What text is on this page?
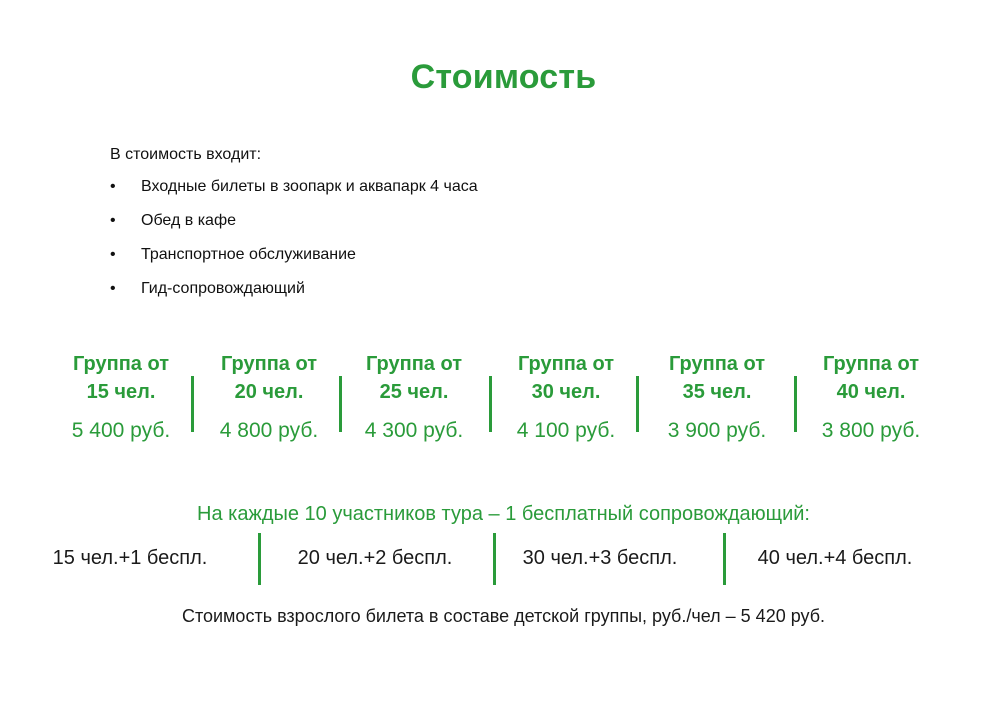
Стоимость
В стоимость входит:
• Входные билеты в зоопарк и аквапарк 4 часа
• Обед в кафе
• Транспортное обслуживание
• Гид-сопровождающий
Группа от
15 чел.
5 400 руб.
Группа от
20 чел.
4 800 руб.
Группа от
25 чел.
4 300 руб.
Группа от
30 чел.
4 100 руб.
Группа от
35 чел.
3 900 руб.
Группа от
40 чел.
3 800 руб.
На каждые 10 участников тура – 1 бесплатный сопровождающий:
15 чел.+1 беспл.	20 чел.+2 беспл.	30 чел.+3 беспл.	40 чел.+4 беспл.
Стоимость взрослого билета в составе детской группы, руб./чел – 5 420 руб.
